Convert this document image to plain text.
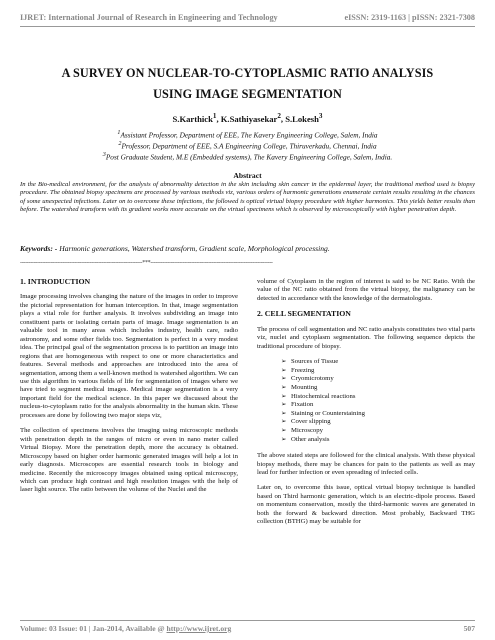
IJRET: International Journal of Research in Engineering and Technology	eISSN: 2319-1163 | pISSN: 2321-7308
A SURVEY ON NUCLEAR-TO-CYTOPLASMIC RATIO ANALYSIS
USING IMAGE SEGMENTATION
S.Karthick$^1$, K.Sathiyasekar$^2$, S.Lokesh$^3$
$^1$Assistant Professor, Department of EEE, The Kavery Engineering College, Salem, India
$^2$Professor, Department of EEE, S.A Engineering College, Thiruverkadu, Chennai, India
$^3$Post Graduate Student, M.E (Embedded systems), The Kavery Engineering College, Salem, India.
Abstract
In the Bio-medical environment, for the analysis of abnormality detection in the skin including skin cancer in the epidermal layer, the traditional method used is biopsy procedure. The obtained biopsy specimens are processed by various methods viz, various orders of harmonic generations enumerate certain results resulting in the chances of some unexpected infections. Later on to overcome these infections, the followed is optical virtual biopsy procedure with higher harmonics. This yields better results than before. The watershed transform with its gradient works more accurate on the virtual specimens which is observed by microscopically with higher penetration depth.
Keywords: - Harmonic generations, Watershed transform, Gradient scale, Morphological processing.
------------------------------------------------------------------------***------------------------------------------------------------------------
1. INTRODUCTION

Image processing involves changing the nature of the images in order to improve the pictorial representation for human interception. In that, image segmentation plays a vital role for further analysis. It involves subdividing an image into constituent parts or isolating certain parts of image. Image segmentation is an valuable tool in many areas which includes industry, health care, radio astronomy, and some other fields too. Segmentation is perfect in a very modest idea. The principal goal of the segmentation process is to partition an image into regions that are homogeneous with respect to one or more characteristics and features. Several methods and approaches are introduced into the area of segmentation, among them a well-known method is watershed algorithm. We can use this algorithm in various fields of life for segmentation of images where we have tried to segment medical images. Medical image segmentation is a very important field for the medical science. In this paper we discussed about the nucleus-to-cytoplasm ratio for the analysis abnormality in the human skin. These processes are done by following two major steps viz,

The collection of specimens involves the imaging using microscopic methods with penetration depth in the ranges of micro or even in nano meter called Virtual Biopsy. More the penetration depth, more the accuracy is obtained. Microscopy based on higher order harmonic generated images will help a lot in early diagnosis. Microscopes are essential research tools in biology and medicine. Recently the microscopy images obtained using optical microscopy, which can produce high contrast and high resolution images with the help of laser light source. The ratio between the volume of the Nuclei and the

volume of Cytoplasm in the region of interest is said to be NC Ratio. With the value of the NC ratio obtained from the virtual biopsy, the malignancy can be detected in accordance with the knowledge of the dermatologists.

2. CELL SEGMENTATION

The process of cell segmentation and NC ratio analysis constitutes two vital parts viz, nuclei and cytoplasm segmentation. The following sequence depicts the traditional procedure of biopsy.

➢ Sources of Tissue
➢ Freezing
➢ Cryomicrotomy
➢ Mounting
➢ Histochemical reactions
➢ Fixation
➢ Staining or Counterstaining
➢ Cover slipping
➢ Microscopy
➢ Other analysis

The above stated steps are followed for the clinical analysis. With these physical biopsy methods, there may be chances for pain to the patients as well as may lead for further infection or even spreading of infected cells.

Later on, to overcome this issue, optical virtual biopsy technique is handled based on Third harmonic generation, which is an electric-dipole process. Based on momentum conservation, mostly the third-harmonic waves are generated in both the forward & backward direction. Most probably, Backward THG collection (BTHG) may be suitable for

Volume: 03 Issue: 01 | Jan-2014, Available @ http://www.ijret.org	507
